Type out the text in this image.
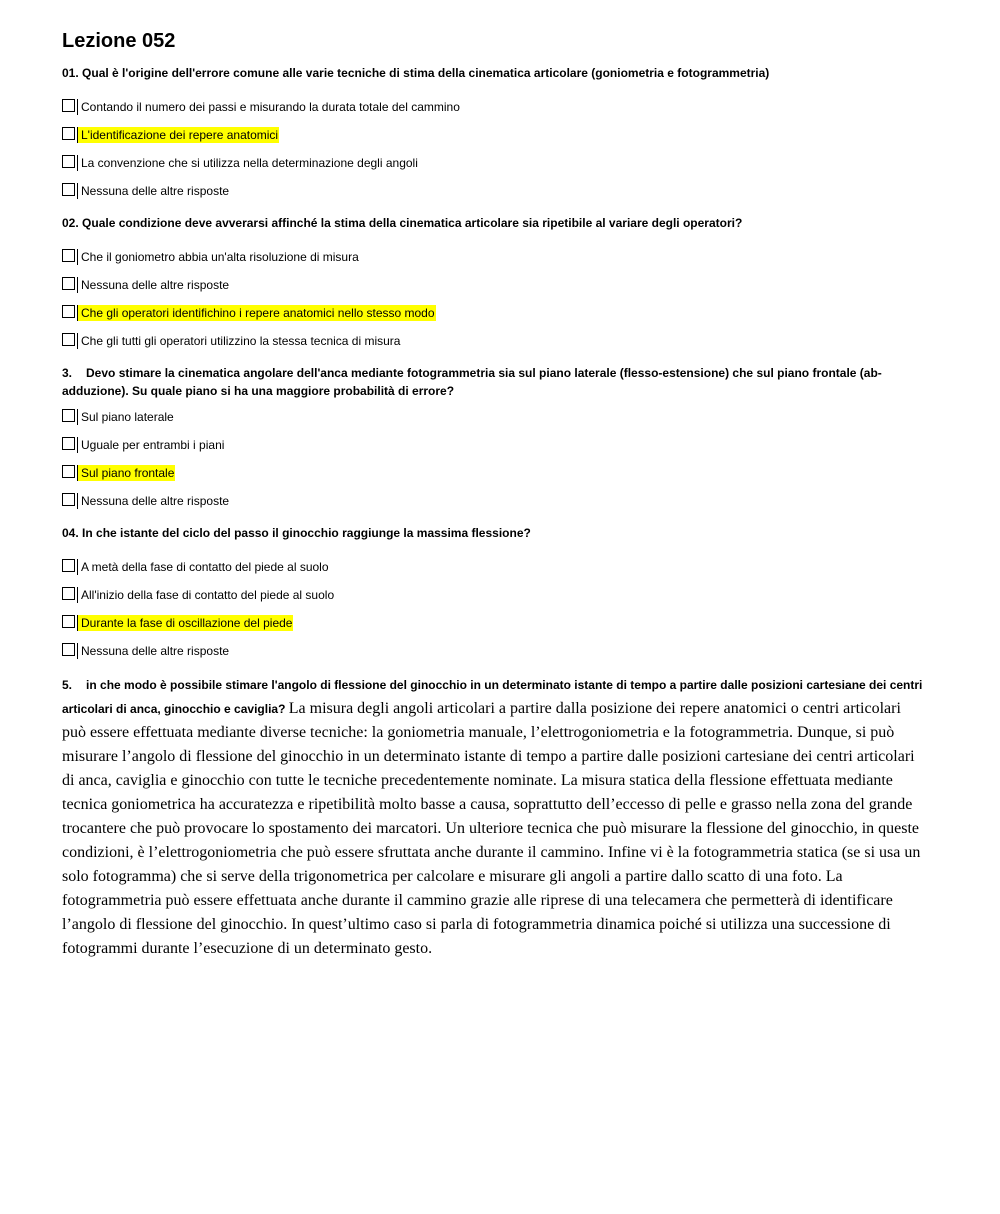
Lezione 052

01. Qual è l'origine dell'errore comune alle varie tecniche di stima della cinematica articolare (goniometria e fotogrammetria)

Contando il numero dei passi e misurando la durata totale del cammino
L'identificazione dei repere anatomici
La convenzione che si utilizza nella determinazione degli angoli
Nessuna delle altre risposte

02. Quale condizione deve avverarsi affinché la stima della cinematica articolare sia ripetibile al variare degli operatori?

Che il goniometro abbia un'alta risoluzione di misura
Nessuna delle altre risposte
Che gli operatori identifichino i repere anatomici nello stesso modo
Che gli tutti gli operatori utilizzino la stessa tecnica di misura

3. Devo stimare la cinematica angolare dell'anca mediante fotogrammetria sia sul piano laterale (flesso-estensione) che sul piano frontale (ab-adduzione). Su quale piano si ha una maggiore probabilità di errore?

Sul piano laterale
Uguale per entrambi i piani
Sul piano frontale
Nessuna delle altre risposte

04. In che istante del ciclo del passo il ginocchio raggiunge la massima flessione?

A metà della fase di contatto del piede al suolo
All'inizio della fase di contatto del piede al suolo
Durante la fase di oscillazione del piede
Nessuna delle altre risposte

5. in che modo è possibile stimare l'angolo di flessione del ginocchio in un determinato istante di tempo a partire dalle posizioni cartesiane dei centri articolari di anca, ginocchio e caviglia? La misura degli angoli articolari a partire dalla posizione dei repere anatomici o centri articolari può essere effettuata mediante diverse tecniche: la goniometria manuale, l’elettrogoniometria e la fotogrammetria. Dunque, si può misurare l’angolo di flessione del ginocchio in un determinato istante di tempo a partire dalle posizioni cartesiane dei centri articolari di anca, caviglia e ginocchio con tutte le tecniche precedentemente nominate. La misura statica della flessione effettuata mediante tecnica goniometrica ha accuratezza e ripetibilità molto basse a causa, soprattutto dell’eccesso di pelle e grasso nella zona del grande trocantere che può provocare lo spostamento dei marcatori. Un ulteriore tecnica che può misurare la flessione del ginocchio, in queste condizioni, è l’elettrogoniometria che può essere sfruttata anche durante il cammino. Infine vi è la fotogrammetria statica (se si usa un solo fotogramma) che si serve della trigonometrica per calcolare e misurare gli angoli a partire dallo scatto di una foto. La fotogrammetria può essere effettuata anche durante il cammino grazie alle riprese di una telecamera che permetterà di identificare l’angolo di flessione del ginocchio. In quest’ultimo caso si parla di fotogrammetria dinamica poiché si utilizza una successione di fotogrammi durante l’esecuzione di un determinato gesto.
